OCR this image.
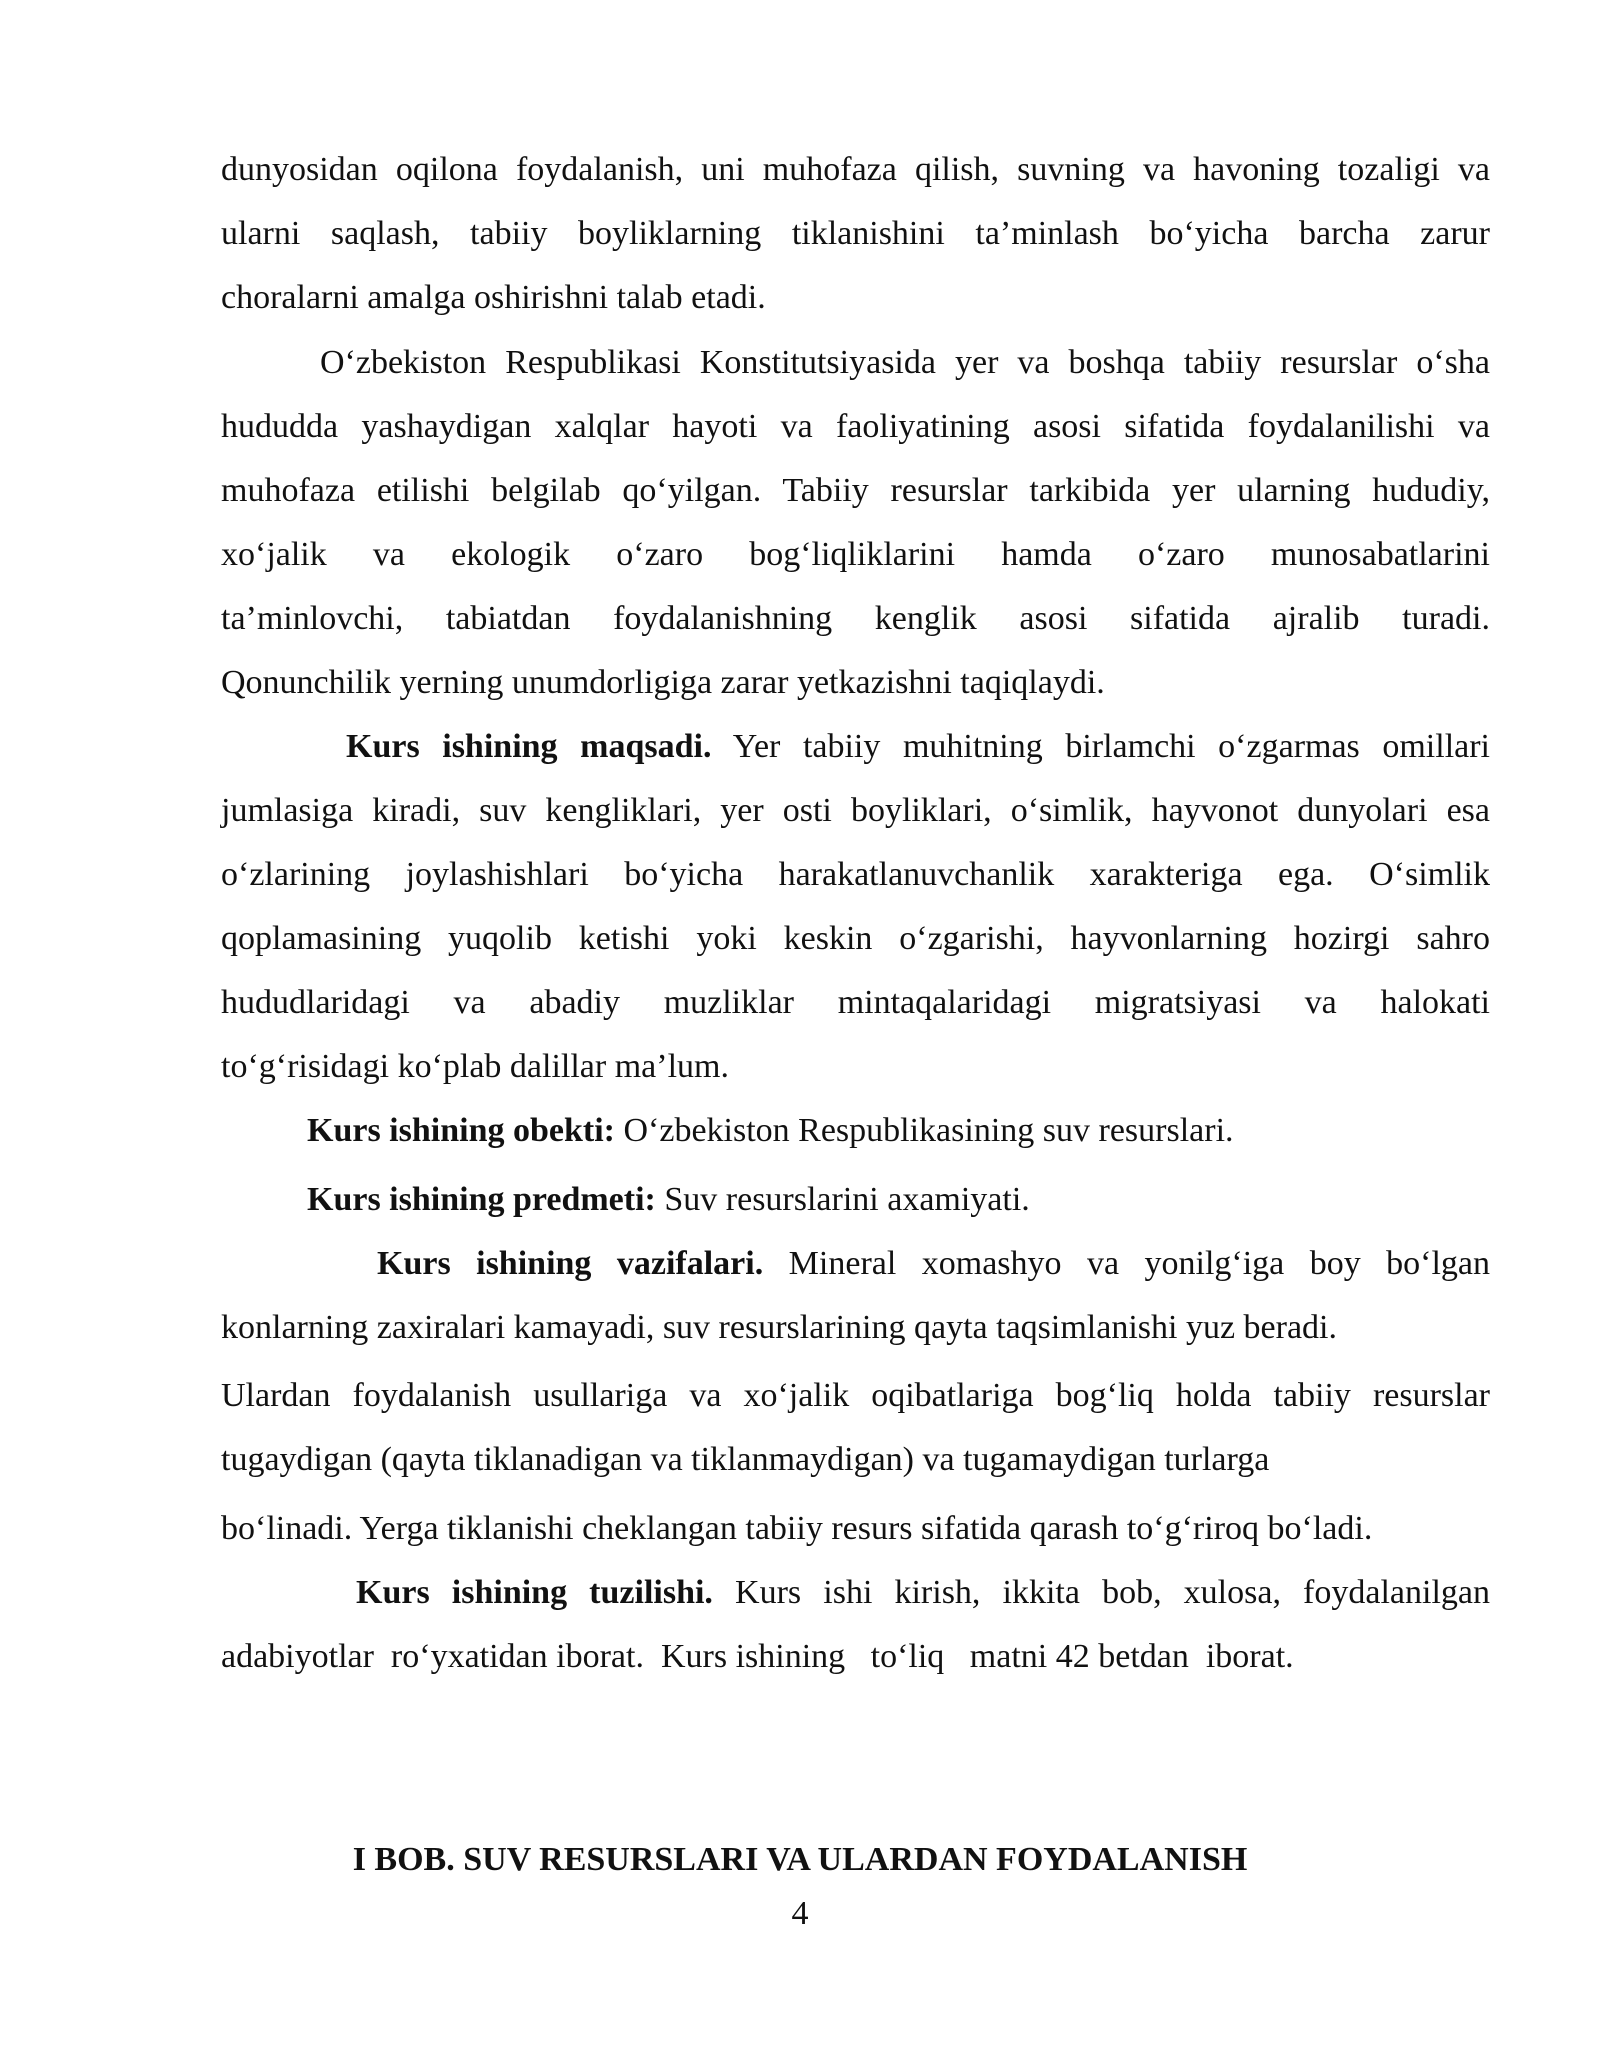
dunyosidan oqilona foydalanish, uni muhofaza qilish, suvning va havoning tozaligi va
ularni saqlash, tabiiy boyliklarning tiklanishini ta’minlash bo‘yicha barcha zarur
choralarni amalga oshirishni talab etadi.
O‘zbekiston Respublikasi Konstitutsiyasida yer va boshqa tabiiy resurslar o‘sha
hududda yashaydigan xalqlar hayoti va faoliyatining asosi sifatida foydalanilishi va
muhofaza etilishi belgilab qo‘yilgan. Tabiiy resurslar tarkibida yer ularning hududiy,
xo‘jalik va ekologik o‘zaro bog‘liqliklarini hamda o‘zaro munosabatlarini
ta’minlovchi, tabiatdan foydalanishning kenglik asosi sifatida ajralib turadi.
Qonunchilik yerning unumdorligiga zarar yetkazishni taqiqlaydi.
Kurs ishining maqsadi. Yer tabiiy muhitning birlamchi o‘zgarmas omillari
jumlasiga kiradi, suv kengliklari, yer osti boyliklari, o‘simlik, hayvonot dunyolari esa
o‘zlarining joylashishlari bo‘yicha harakatlanuvchanlik xarakteriga ega. O‘simlik
qoplamasining yuqolib ketishi yoki keskin o‘zgarishi, hayvonlarning hozirgi sahro
hududlaridagi va abadiy muzliklar mintaqalaridagi migratsiyasi va halokati
to‘g‘risidagi ko‘plab dalillar ma’lum.
Kurs ishining obekti: O‘zbekiston Respublikasining suv resurslari.
Kurs ishining predmeti: Suv resurslarini axamiyati.
Kurs ishining vazifalari. Mineral xomashyo va yonilg‘iga boy bo‘lgan
konlarning zaxiralari kamayadi, suv resurslarining qayta taqsimlanishi yuz beradi.
Ulardan foydalanish usullariga va xo‘jalik oqibatlariga bog‘liq holda tabiiy resurslar
tugaydigan (qayta tiklanadigan va tiklanmaydigan) va tugamaydigan turlarga
bo‘linadi. Yerga tiklanishi cheklangan tabiiy resurs sifatida qarash to‘g‘riroq bo‘ladi.
Kurs ishining tuzilishi. Kurs ishi kirish, ikkita bob, xulosa, foydalanilgan
adabiyotlar  ro‘yxatidan iborat.  Kurs ishining   to‘liq   matni 42 betdan  iborat.
I BOB. SUV RESURSLARI VA ULARDAN FOYDALANISH
4
